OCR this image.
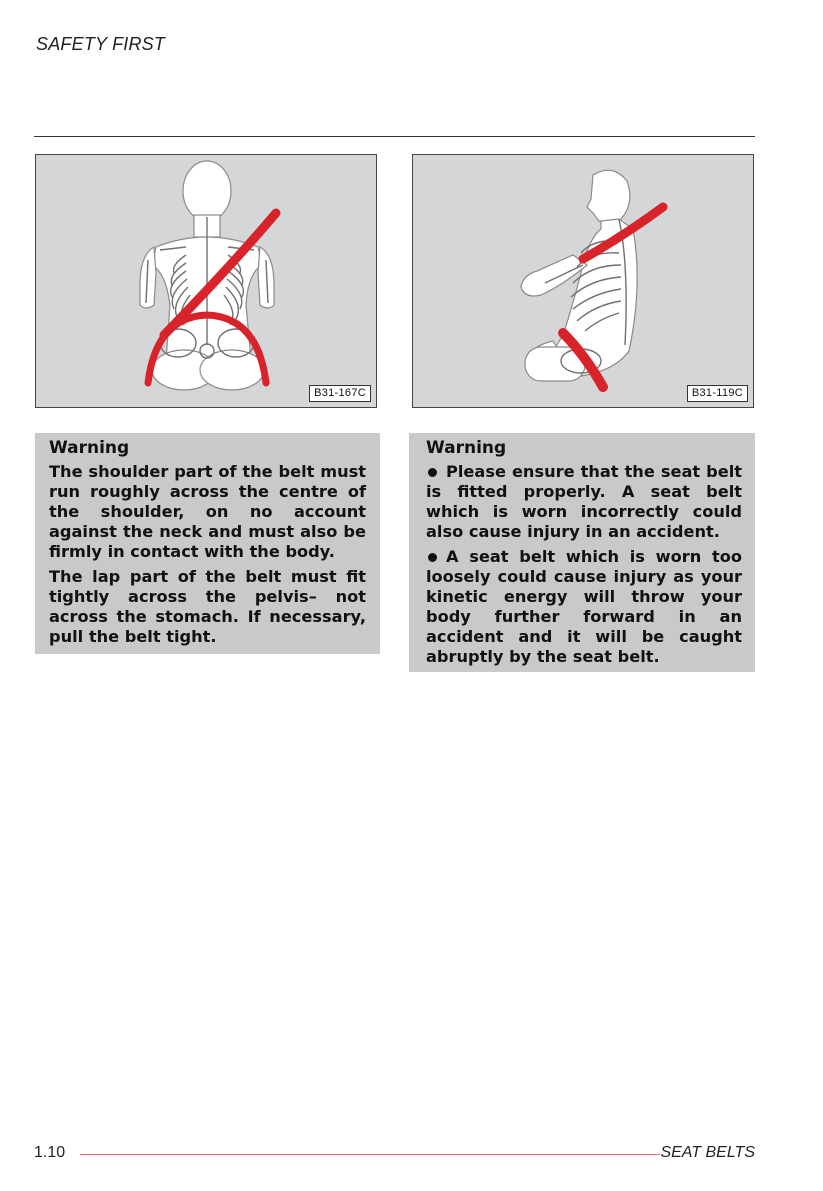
SAFETY FIRST
B31-167C	B31-119C
Warning

The shoulder part of the belt must run roughly across the centre of the shoulder, on no account against the neck and must also be firmly in contact with the body.

The lap part of the belt must fit tightly across the pelvis– not across the stomach. If necessary, pull the belt tight.

Warning

Please ensure that the seat belt is fitted properly. A seat belt which is worn incorrectly could also cause injury in an accident.

A seat belt which is worn too loosely could cause injury as your kinetic energy will throw your body further forward in an accident and it will be caught abruptly by the seat belt.

1.10	SEAT BELTS
